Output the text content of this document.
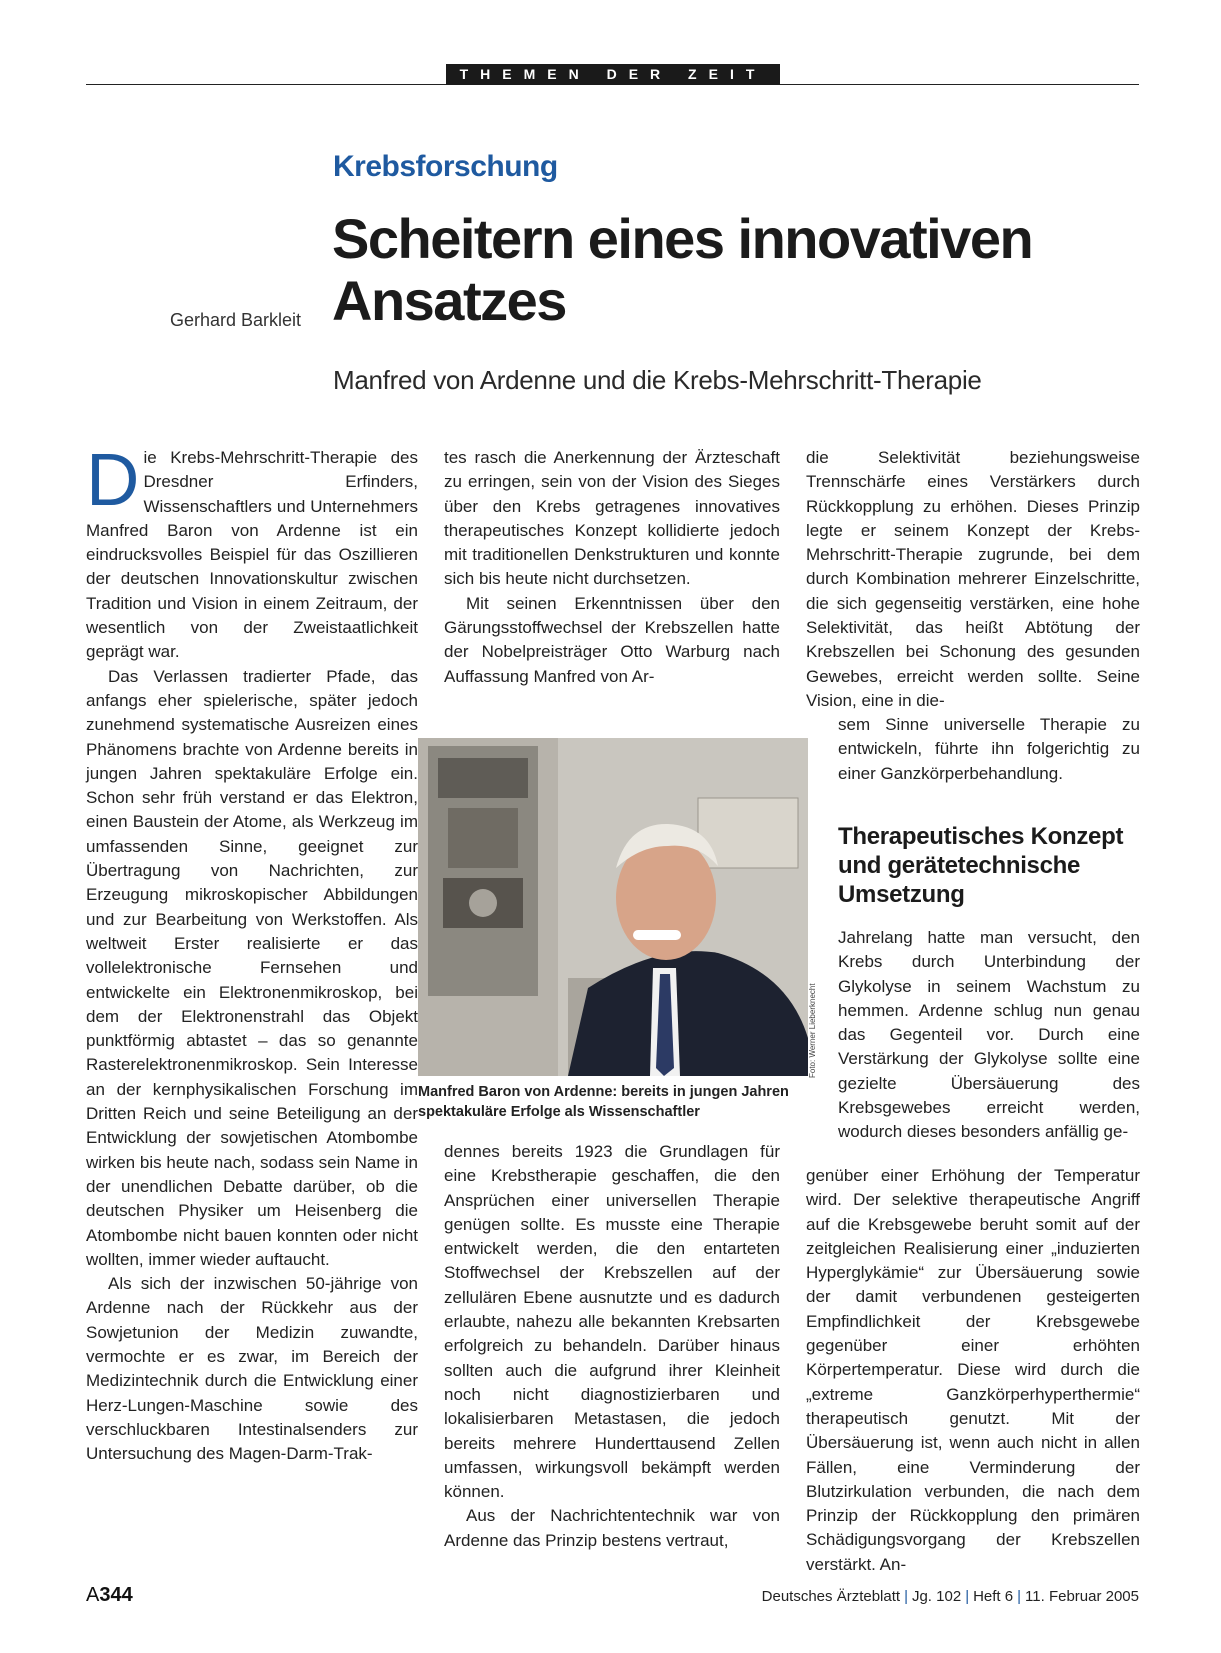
THEMEN DER ZEIT
Krebsforschung
Scheitern eines innovativen
Ansatzes
Gerhard Barkleit
Manfred von Ardenne und die Krebs-Mehrschritt-Therapie

Die Krebs-Mehrschritt-Therapie des Dresdner Erfinders, Wissenschaftlers und Unternehmers Manfred Baron von Ardenne ist ein eindrucksvolles Beispiel für das Oszillieren der deutschen Innovationskultur zwischen Tradition und Vision in einem Zeitraum, der wesentlich von der Zweistaatlichkeit geprägt war.

Das Verlassen tradierter Pfade, das anfangs eher spielerische, später jedoch zunehmend systematische Ausreizen eines Phänomens brachte von Ardenne bereits in jungen Jahren spektakuläre Erfolge ein. Schon sehr früh verstand er das Elektron, einen Baustein der Atome, als Werkzeug im umfassenden Sinne, geeignet zur Übertragung von Nachrichten, zur Erzeugung mikroskopischer Abbildungen und zur Bearbeitung von Werkstoffen. Als weltweit Erster realisierte er das vollelektronische Fernsehen und entwickelte ein Elektronenmikroskop, bei dem der Elektronenstrahl das Objekt punktförmig abtastet – das so genannte Rasterelektronenmikroskop. Sein Interesse an der kernphysikalischen Forschung im Dritten Reich und seine Beteiligung an der Entwicklung der sowjetischen Atombombe wirken bis heute nach, sodass sein Name in der unendlichen Debatte darüber, ob die deutschen Physiker um Heisenberg die Atombombe nicht bauen konnten oder nicht wollten, immer wieder auftaucht.

Als sich der inzwischen 50-jährige von Ardenne nach der Rückkehr aus der Sowjetunion der Medizin zuwandte, vermochte er es zwar, im Bereich der Medizintechnik durch die Entwicklung einer Herz-Lungen-Maschine sowie des verschluckbaren Intestinalsenders zur Untersuchung des Magen-Darm-Trak-

tes rasch die Anerkennung der Ärzteschaft zu erringen, sein von der Vision des Sieges über den Krebs getragenes innovatives therapeutisches Konzept kollidierte jedoch mit traditionellen Denkstrukturen und konnte sich bis heute nicht durchsetzen.

Mit seinen Erkenntnissen über den Gärungsstoffwechsel der Krebszellen hatte der Nobelpreisträger Otto Warburg nach Auffassung Manfred von Ar-

Foto: Werner Lieberknecht
Manfred Baron von Ardenne: bereits in jungen Jahren spektakuläre Erfolge als Wissenschaftler

dennes bereits 1923 die Grundlagen für eine Krebstherapie geschaffen, die den Ansprüchen einer universellen Therapie genügen sollte. Es musste eine Therapie entwickelt werden, die den entarteten Stoffwechsel der Krebszellen auf der zellulären Ebene ausnutzte und es dadurch erlaubte, nahezu alle bekannten Krebsarten erfolgreich zu behandeln. Darüber hinaus sollten auch die aufgrund ihrer Kleinheit noch nicht diagnostizierbaren und lokalisierbaren Metastasen, die jedoch bereits mehrere Hunderttausend Zellen umfassen, wirkungsvoll bekämpft werden können.

Aus der Nachrichtentechnik war von Ardenne das Prinzip bestens vertraut,

die Selektivität beziehungsweise Trennschärfe eines Verstärkers durch Rückkopplung zu erhöhen. Dieses Prinzip legte er seinem Konzept der Krebs-Mehrschritt-Therapie zugrunde, bei dem durch Kombination mehrerer Einzelschritte, die sich gegenseitig verstärken, eine hohe Selektivität, das heißt Abtötung der Krebszellen bei Schonung des gesunden Gewebes, erreicht werden sollte. Seine Vision, eine in die-

sem Sinne universelle Therapie zu entwickeln, führte ihn folgerichtig zu einer Ganzkörperbehandlung.

Therapeutisches Konzept und gerätetechnische Umsetzung

Jahrelang hatte man versucht, den Krebs durch Unterbindung der Glykolyse in seinem Wachstum zu hemmen. Ardenne schlug nun genau das Gegenteil vor. Durch eine Verstärkung der Glykolyse sollte eine gezielte Übersäuerung des Krebsgewebes erreicht werden, wodurch dieses besonders anfällig ge-

genüber einer Erhöhung der Temperatur wird. Der selektive therapeutische Angriff auf die Krebsgewebe beruht somit auf der zeitgleichen Realisierung einer „induzierten Hyperglykämie“ zur Übersäuerung sowie der damit verbundenen gesteigerten Empfindlichkeit der Krebsgewebe gegenüber einer erhöhten Körpertemperatur. Diese wird durch die „extreme Ganzkörperhyperthermie“ therapeutisch genutzt. Mit der Übersäuerung ist, wenn auch nicht in allen Fällen, eine Verminderung der Blutzirkulation verbunden, die nach dem Prinzip der Rückkopplung den primären Schädigungsvorgang der Krebszellen verstärkt. An-

A344	Deutsches Ärzteblatt | Jg. 102 | Heft 6 | 11. Februar 2005
